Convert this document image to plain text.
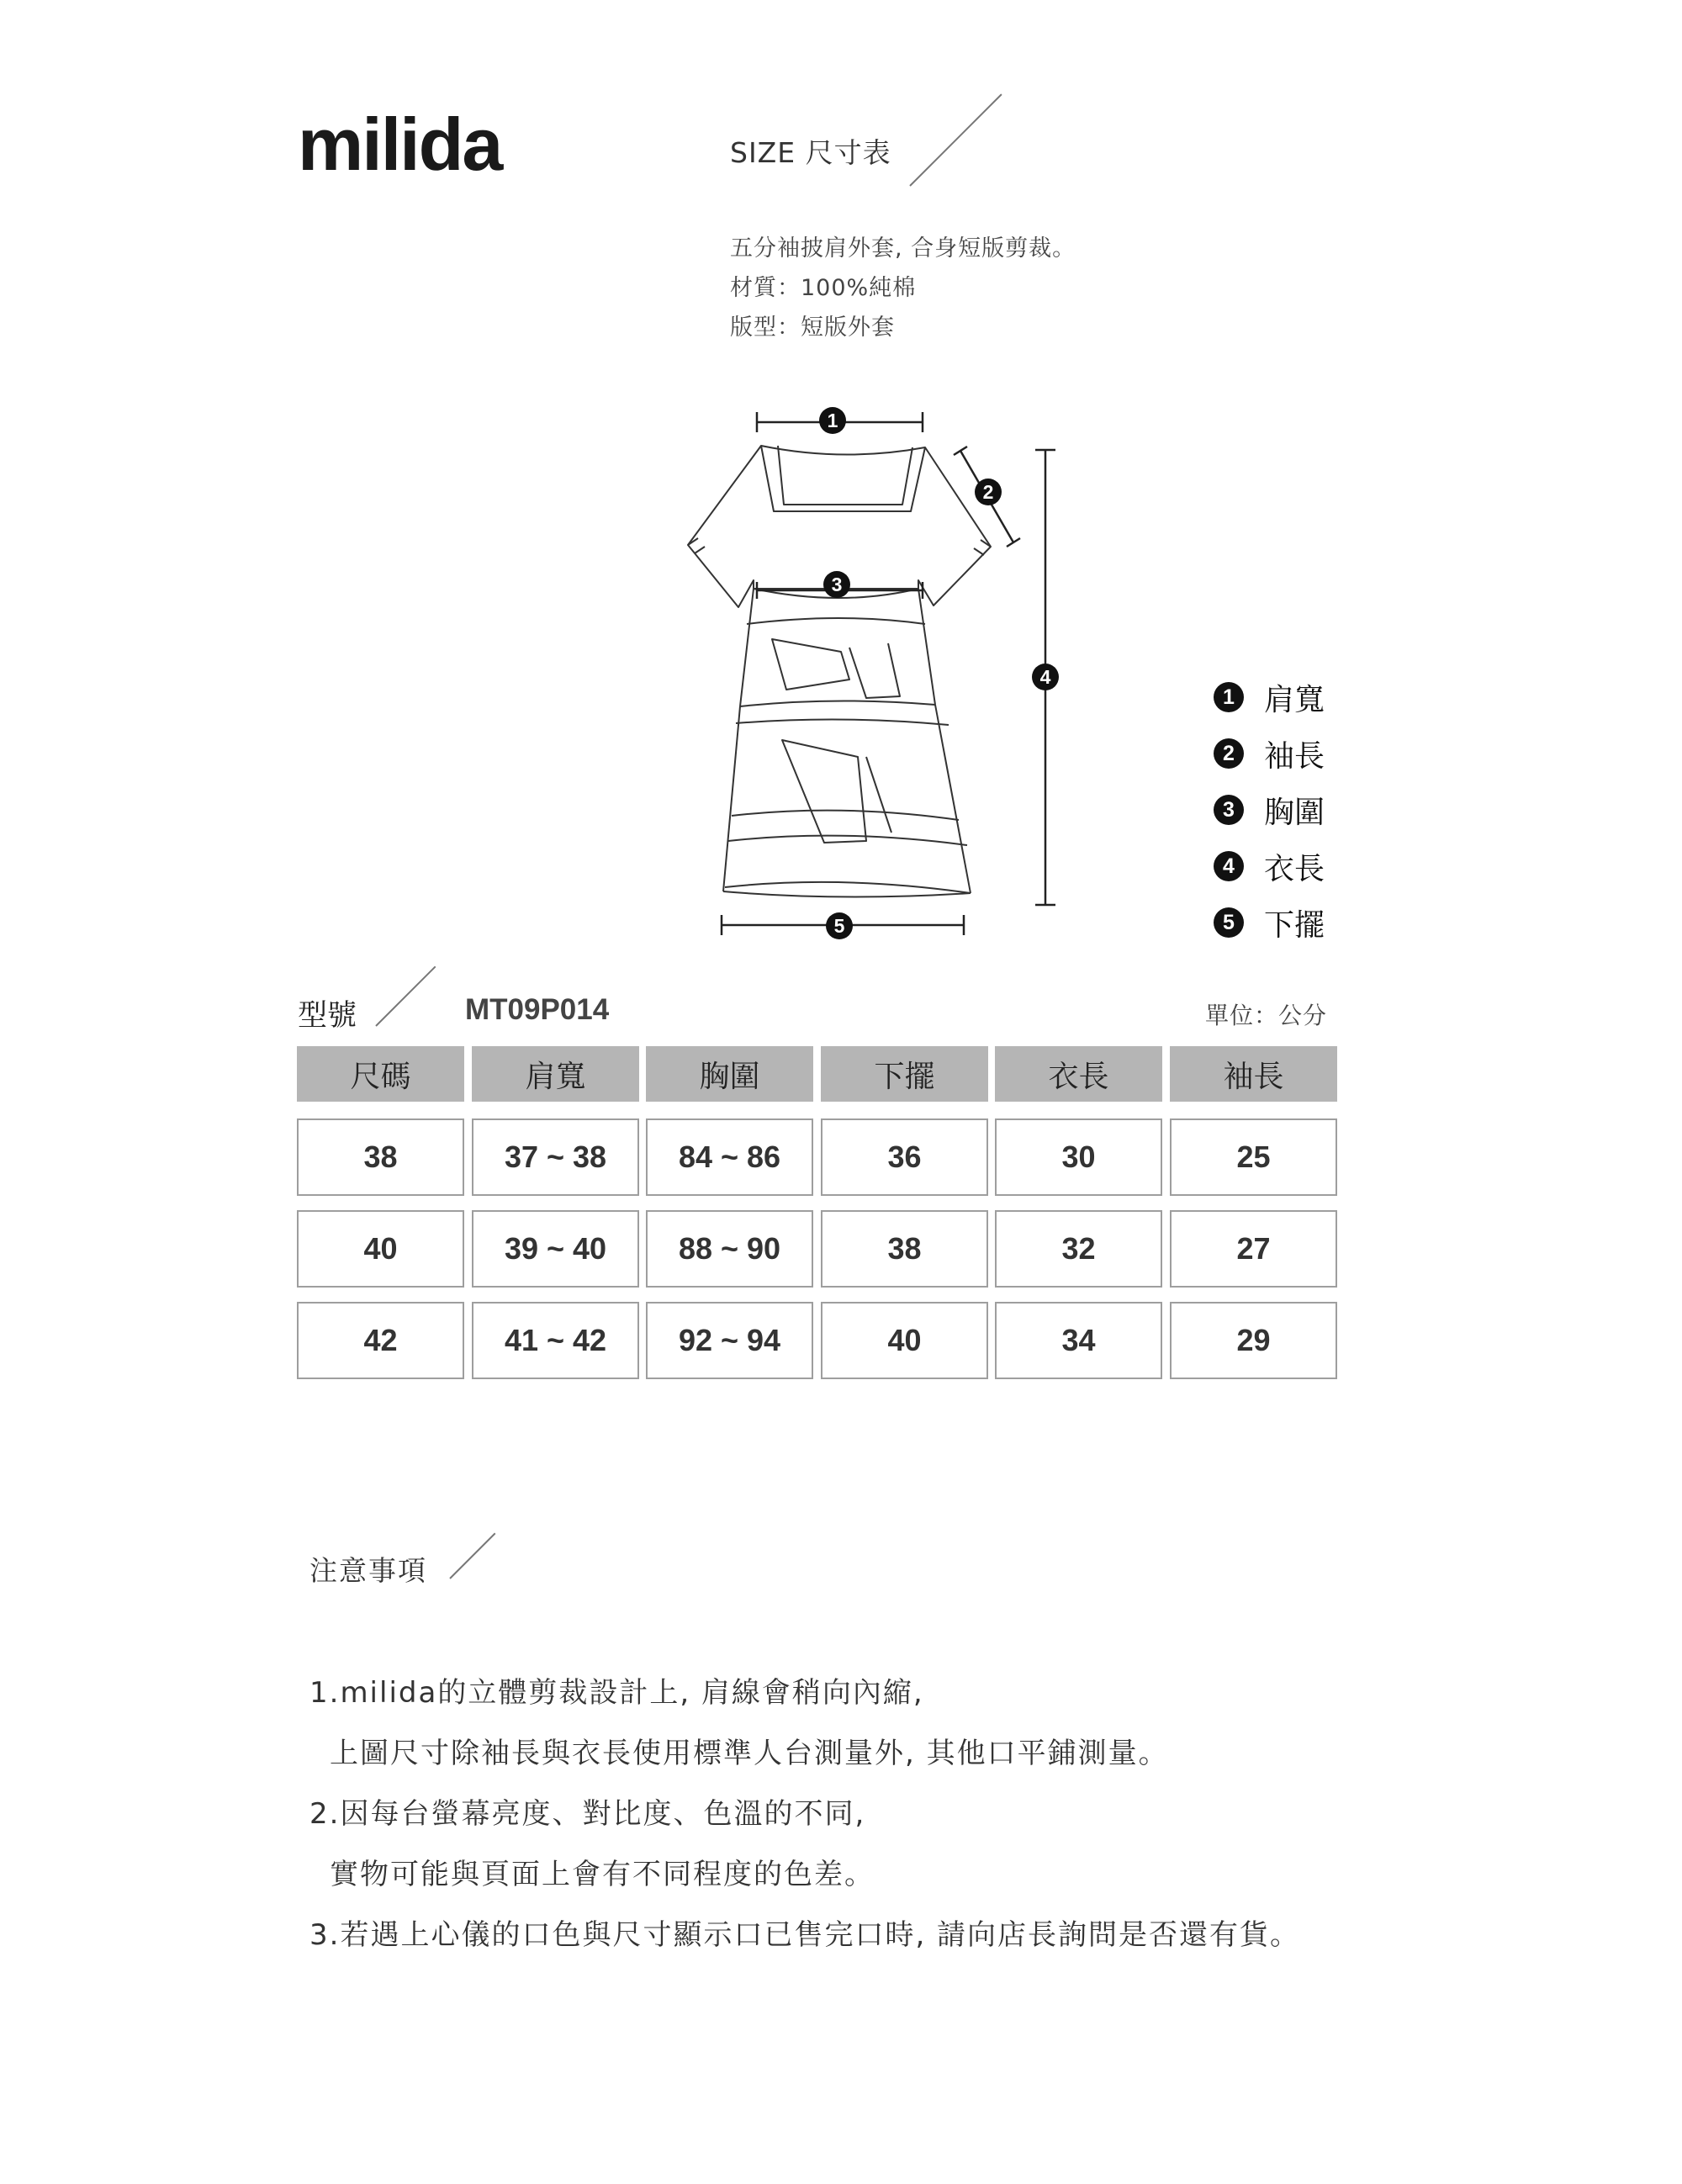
milida	SIZE 尺寸表
五分袖披肩外套, 合身短版剪裁。
材質：100%純棉
版型：短版外套
1
2
3
4
5
1 肩寬
2 袖長
3 胸圍
4 衣長
5 下擺
型號	MT09P014	單位：公分
尺碼	肩寬	胸圍	下擺	衣長	袖長
38	37 ~ 38	84 ~ 86	36	30	25
40	39 ~ 40	88 ~ 90	38	32	27
42	41 ~ 42	92 ~ 94	40	34	29
注意事項
1.milida的立體剪裁設計上, 肩線會稍向內縮,
上圖尺寸除袖長與衣長使用標準人台測量外, 其他口平鋪測量。
2.因每台螢幕亮度、對比度、色溫的不同,
實物可能與頁面上會有不同程度的色差。
3.若遇上心儀的口色與尺寸顯示口已售完口時, 請向店長詢問是否還有貨。
